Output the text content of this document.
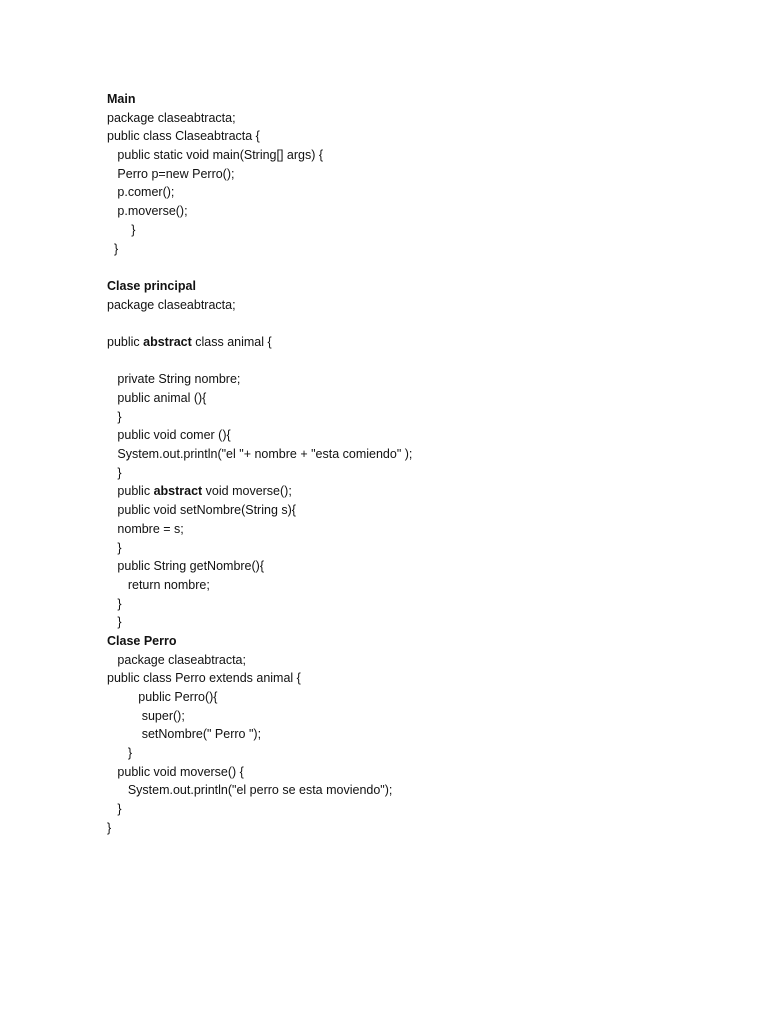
Main
package claseabtracta;
public class Claseabtracta {
public static void main(String[] args) {
Perro p=new Perro();
p.comer();
p.moverse();
}
}
Clase principal
package claseabtracta;
public abstract class animal {
private String nombre;
public animal (){
}
public void comer (){
System.out.println("el "+ nombre + "esta comiendo" );
}
public abstract void moverse();
public void setNombre(String s){
nombre = s;
}
public String getNombre(){
return nombre;
}
}
Clase Perro
package claseabtracta;
public class Perro extends animal {
public Perro(){
super();
setNombre(" Perro ");
}
public void moverse() {
System.out.println("el perro se esta moviendo");
}
}
